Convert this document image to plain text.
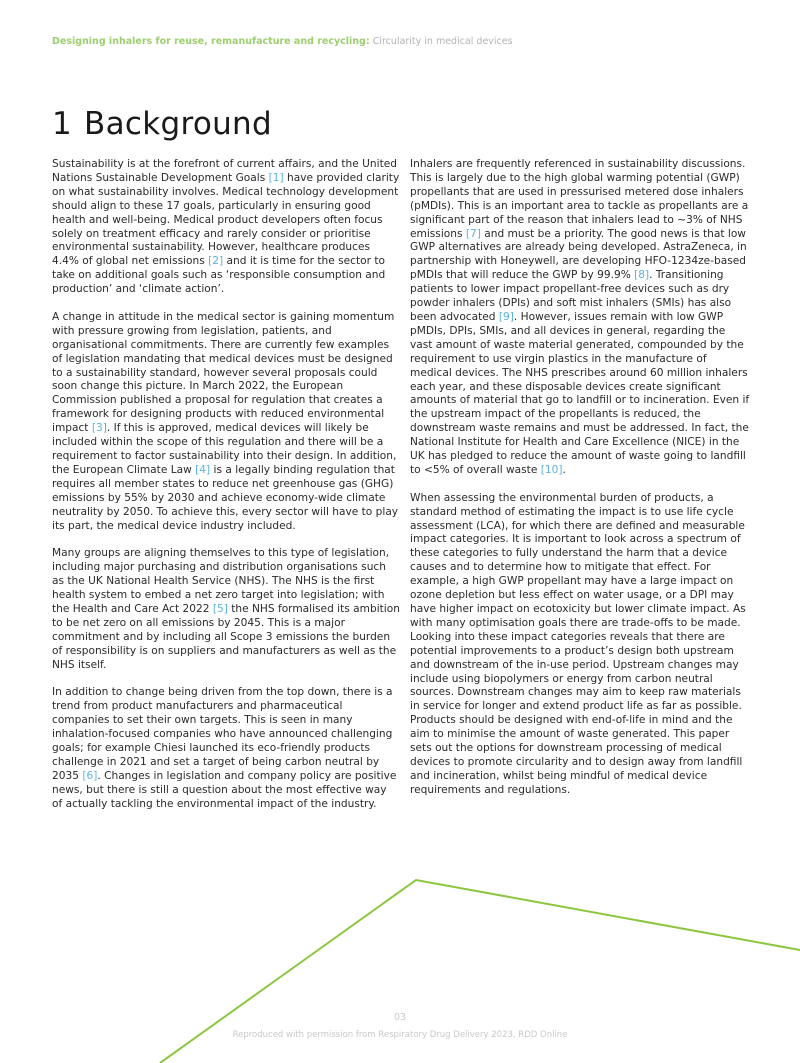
Designing inhalers for reuse, remanufacture and recycling: Circularity in medical devices
1 Background

Sustainability is at the forefront of current affairs, and the United Nations Sustainable Development Goals [1] have provided clarity on what sustainability involves. Medical technology development should align to these 17 goals, particularly in ensuring good health and well-being. Medical product developers often focus solely on treatment efficacy and rarely consider or prioritise environmental sustainability. However, healthcare produces 4.4% of global net emissions [2] and it is time for the sector to take on additional goals such as ‘responsible consumption and production’ and ‘climate action’.

A change in attitude in the medical sector is gaining momentum with pressure growing from legislation, patients, and organisational commitments. There are currently few examples of legislation mandating that medical devices must be designed to a sustainability standard, however several proposals could soon change this picture. In March 2022, the European Commission published a proposal for regulation that creates a framework for designing products with reduced environmental impact [3]. If this is approved, medical devices will likely be included within the scope of this regulation and there will be a requirement to factor sustainability into their design. In addition, the European Climate Law [4] is a legally binding regulation that requires all member states to reduce net greenhouse gas (GHG) emissions by 55% by 2030 and achieve economy-wide climate neutrality by 2050. To achieve this, every sector will have to play its part, the medical device industry included.

Many groups are aligning themselves to this type of legislation, including major purchasing and distribution organisations such as the UK National Health Service (NHS). The NHS is the first health system to embed a net zero target into legislation; with the Health and Care Act 2022 [5] the NHS formalised its ambition to be net zero on all emissions by 2045. This is a major commitment and by including all Scope 3 emissions the burden of responsibility is on suppliers and manufacturers as well as the NHS itself.

In addition to change being driven from the top down, there is a trend from product manufacturers and pharmaceutical companies to set their own targets. This is seen in many inhalation-focused companies who have announced challenging goals; for example Chiesi launched its eco-friendly products challenge in 2021 and set a target of being carbon neutral by 2035 [6]. Changes in legislation and company policy are positive news, but there is still a question about the most effective way of actually tackling the environmental impact of the industry.

Inhalers are frequently referenced in sustainability discussions. This is largely due to the high global warming potential (GWP) propellants that are used in pressurised metered dose inhalers (pMDIs). This is an important area to tackle as propellants are a significant part of the reason that inhalers lead to ~3% of NHS emissions [7] and must be a priority. The good news is that low GWP alternatives are already being developed. AstraZeneca, in partnership with Honeywell, are developing HFO-1234ze-based pMDIs that will reduce the GWP by 99.9% [8]. Transitioning patients to lower impact propellant-free devices such as dry powder inhalers (DPIs) and soft mist inhalers (SMIs) has also been advocated [9]. However, issues remain with low GWP pMDIs, DPIs, SMIs, and all devices in general, regarding the vast amount of waste material generated, compounded by the requirement to use virgin plastics in the manufacture of medical devices. The NHS prescribes around 60 million inhalers each year, and these disposable devices create significant amounts of material that go to landfill or to incineration. Even if the upstream impact of the propellants is reduced, the downstream waste remains and must be addressed. In fact, the National Institute for Health and Care Excellence (NICE) in the UK has pledged to reduce the amount of waste going to landfill to <5% of overall waste [10].

When assessing the environmental burden of products, a standard method of estimating the impact is to use life cycle assessment (LCA), for which there are defined and measurable impact categories. It is important to look across a spectrum of these categories to fully understand the harm that a device causes and to determine how to mitigate that effect. For example, a high GWP propellant may have a large impact on ozone depletion but less effect on water usage, or a DPI may have higher impact on ecotoxicity but lower climate impact. As with many optimisation goals there are trade-offs to be made. Looking into these impact categories reveals that there are potential improvements to a product’s design both upstream and downstream of the in-use period. Upstream changes may include using biopolymers or energy from carbon neutral sources. Downstream changes may aim to keep raw materials in service for longer and extend product life as far as possible. Products should be designed with end-of-life in mind and the aim to minimise the amount of waste generated. This paper sets out the options for downstream processing of medical devices to promote circularity and to design away from landfill and incineration, whilst being mindful of medical device requirements and regulations.

03
Reproduced with permission from Respiratory Drug Delivery 2023, RDD Online
